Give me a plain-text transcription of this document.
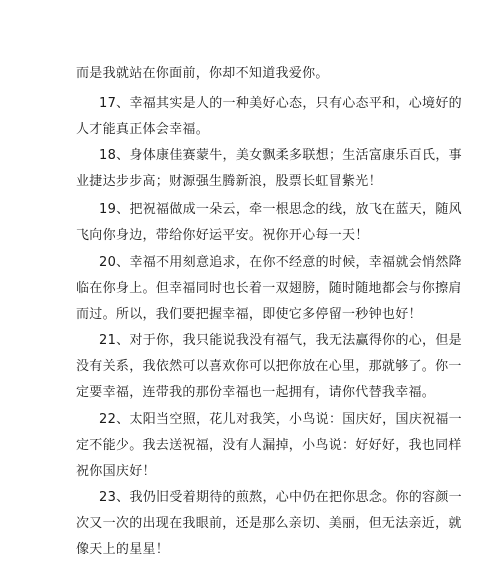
而是我就站在你面前，你却不知道我爱你。
17、幸福其实是人的一种美好心态，只有心态平和，心境好的
人才能真正体会幸福。
18、身体康佳赛蒙牛，美女飘柔多联想；生活富康乐百氏，事
业捷达步步高；财源强生腾新浪，股票长虹冒紫光！
19、把祝福做成一朵云，牵一根思念的线，放飞在蓝天，随风
飞向你身边，带给你好运平安。祝你开心每一天！
20、幸福不用刻意追求，在你不经意的时候，幸福就会悄然降
临在你身上。但幸福同时也长着一双翅膀，随时随地都会与你擦肩
而过。所以，我们要把握幸福，即使它多停留一秒钟也好！
21、对于你，我只能说我没有福气，我无法赢得你的心，但是
没有关系，我依然可以喜欢你可以把你放在心里，那就够了。你一
定要幸福，连带我的那份幸福也一起拥有，请你代替我幸福。
22、太阳当空照，花儿对我笑，小鸟说：国庆好，国庆祝福一
定不能少。我去送祝福，没有人漏掉，小鸟说：好好好，我也同样
祝你国庆好！
23、我仍旧受着期待的煎熬，心中仍在把你思念。你的容颜一
次又一次的出现在我眼前，还是那么亲切、美丽，但无法亲近，就
像天上的星星！
